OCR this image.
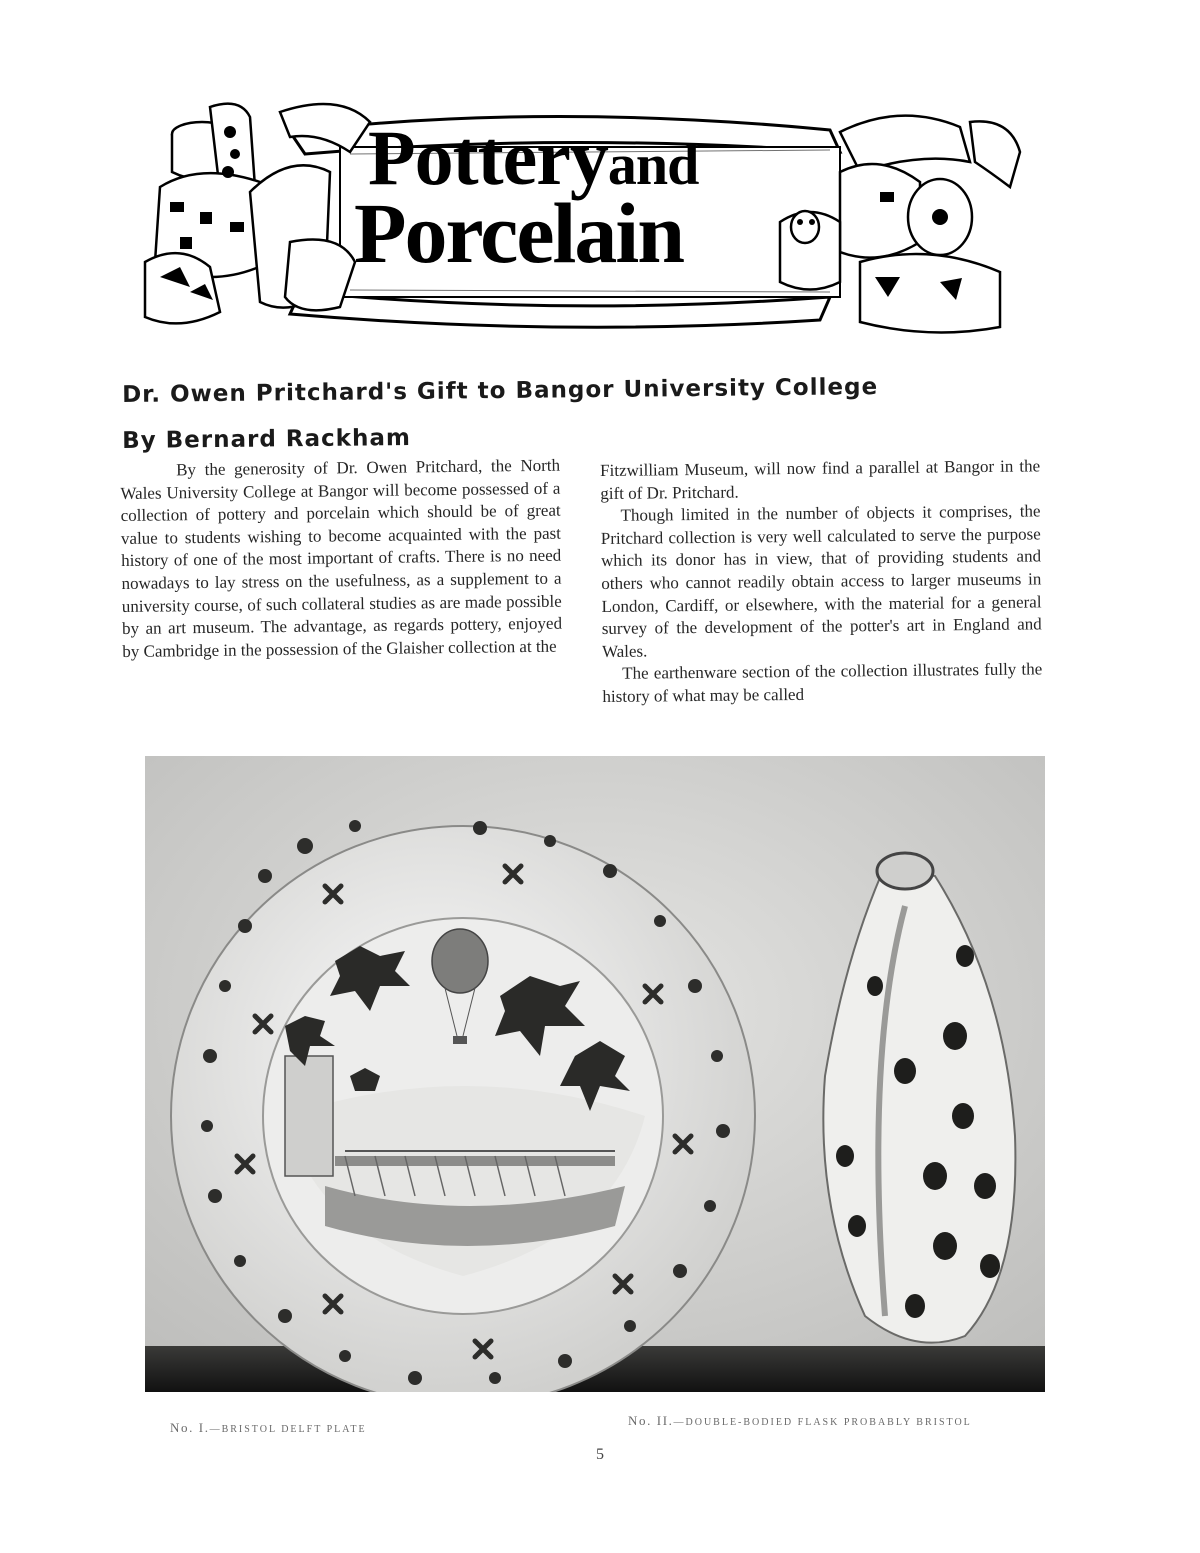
Potteryand
Porcelain
Dr. Owen Pritchard's Gift to Bangor University College
By Bernard Rackham

By the generosity of Dr. Owen Pritchard, the North Wales University College at Bangor will become possessed of a collection of pottery and porcelain which should be of great value to students wishing to become acquainted with the past history of one of the most important of crafts. There is no need nowadays to lay stress on the usefulness, as a supplement to a university course, of such collateral studies as are made possible by an art museum. The advantage, as regards pottery, enjoyed by Cambridge in the possession of the Glaisher collection at the

Fitzwilliam Museum, will now find a parallel at Bangor in the gift of Dr. Pritchard.

Though limited in the number of objects it comprises, the Pritchard collection is very well calculated to serve the purpose which its donor has in view, that of providing students and others who cannot readily obtain access to larger museums in London, Cardiff, or elsewhere, with the material for a general survey of the development of the potter's art in England and Wales.

The earthenware section of the collection illustrates fully the history of what may be called

No. I.—BRISTOL DELFT PLATE
No. II.—DOUBLE-BODIED FLASK PROBABLY BRISTOL
5
